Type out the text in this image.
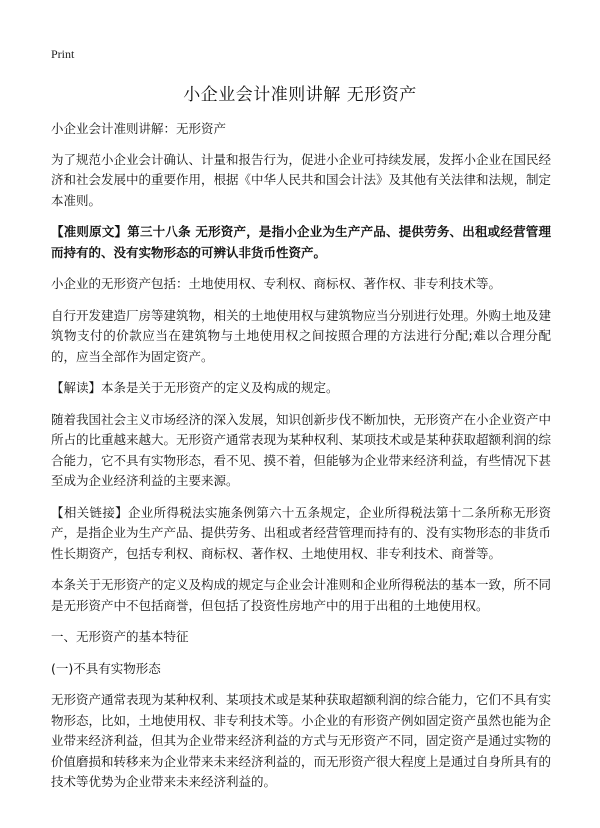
Print
小企业会计准则讲解 无形资产

小企业会计准则讲解：无形资产

为了规范小企业会计确认、计量和报告行为，促进小企业可持续发展，发挥小企业在国民经济和社会发展中的重要作用，根据《中华人民共和国会计法》及其他有关法律和法规，制定本准则。

【准则原文】第三十八条 无形资产，是指小企业为生产产品、提供劳务、出租或经营管理而持有的、没有实物形态的可辨认非货币性资产。

小企业的无形资产包括：土地使用权、专利权、商标权、著作权、非专利技术等。

自行开发建造厂房等建筑物，相关的土地使用权与建筑物应当分别进行处理。外购土地及建筑物支付的价款应当在建筑物与土地使用权之间按照合理的方法进行分配;难以合理分配的，应当全部作为固定资产。

【解读】本条是关于无形资产的定义及构成的规定。

随着我国社会主义市场经济的深入发展，知识创新步伐不断加快，无形资产在小企业资产中所占的比重越来越大。无形资产通常表现为某种权利、某项技术或是某种获取超额利润的综合能力，它不具有实物形态，看不见、摸不着，但能够为企业带来经济利益，有些情况下甚至成为企业经济利益的主要来源。

【相关链接】企业所得税法实施条例第六十五条规定，企业所得税法第十二条所称无形资产，是指企业为生产产品、提供劳务、出租或者经营管理而持有的、没有实物形态的非货币性长期资产，包括专利权、商标权、著作权、土地使用权、非专利技术、商誉等。

本条关于无形资产的定义及构成的规定与企业会计准则和企业所得税法的基本一致，所不同是无形资产中不包括商誉，但包括了投资性房地产中的用于出租的土地使用权。

一、无形资产的基本特征

(一)不具有实物形态

无形资产通常表现为某种权利、某项技术或是某种获取超额利润的综合能力，它们不具有实物形态，比如，土地使用权、非专利技术等。小企业的有形资产例如固定资产虽然也能为企业带来经济利益，但其为企业带来经济利益的方式与无形资产不同，固定资产是通过实物的价值磨损和转移来为企业带来未来经济利益的，而无形资产很大程度上是通过自身所具有的技术等优势为企业带来未来经济利益的。
